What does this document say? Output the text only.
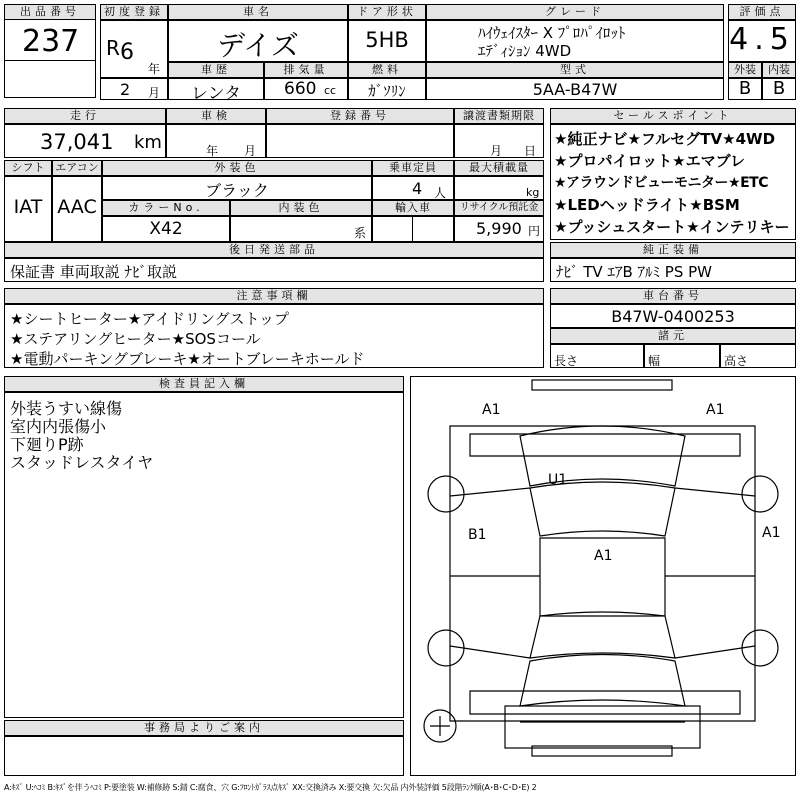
出品番号
237
初度登録
R 6
年
2 月
車名
デイズ
ドア形状
5HB
グレード
ﾊｲｳｪｲｽﾀｰ X ﾌﾟﾛﾊﾟｲﾛｯﾄ
ｴﾃﾞｨｼｮﾝ 4WD
評価点
4.5
外装	内装
B	B
車歴
レンタ
排気量
660 cc
燃料
ｶﾞｿﾘﾝ
型式
5AA-B47W
走行
37,041 km
車検
年 月
登録番号	譲渡書類期限
月 日
シフト
IAT
エアコン
AAC
外装色
ブラック
乗車定員
4 人
最大積載量
kg
カラーNo.
X42
内装色
系
輸入車	リサイクル預託金
5,990 円
セールスポイント
★純正ナビ★フルセグTV★4WD
★プロパイロット★エマブレ
★アラウンドビューモニター★ETC
★LEDヘッドライト★BSM
★プッシュスタート★インテリキー
後日発送部品
保証書 車両取説 ﾅﾋﾞ取説
純正装備
ﾅﾋﾞ TV ｴｱB ｱﾙﾐ PS PW
注意事項欄
★シートヒーター★アイドリングストップ
★ステアリングヒーター★SOSコール
★電動パーキングブレーキ★オートブレーキホールド
車台番号
B47W-0400253
諸元
長さ	幅	高さ
検査員記入欄
外装うすい線傷
室内内張傷小
下廻りP跡
スタッドレスタイヤ
事務局よりご案内
A1	A1
U1
B1
A1
A1
A:ｷｽﾞ U:ﾍｺﾐ B:ｷｽﾞを伴うﾍｺﾐ P:要塗装 W:補修跡 S:錆 C:腐食、穴 G:ﾌﾛﾝﾄｶﾞﾗｽ点ｷｽﾞ XX:交換済み X:要交換 欠:欠品 内外装評価 5段階ﾗﾝｸ順(A･B･C･D･E) 2
